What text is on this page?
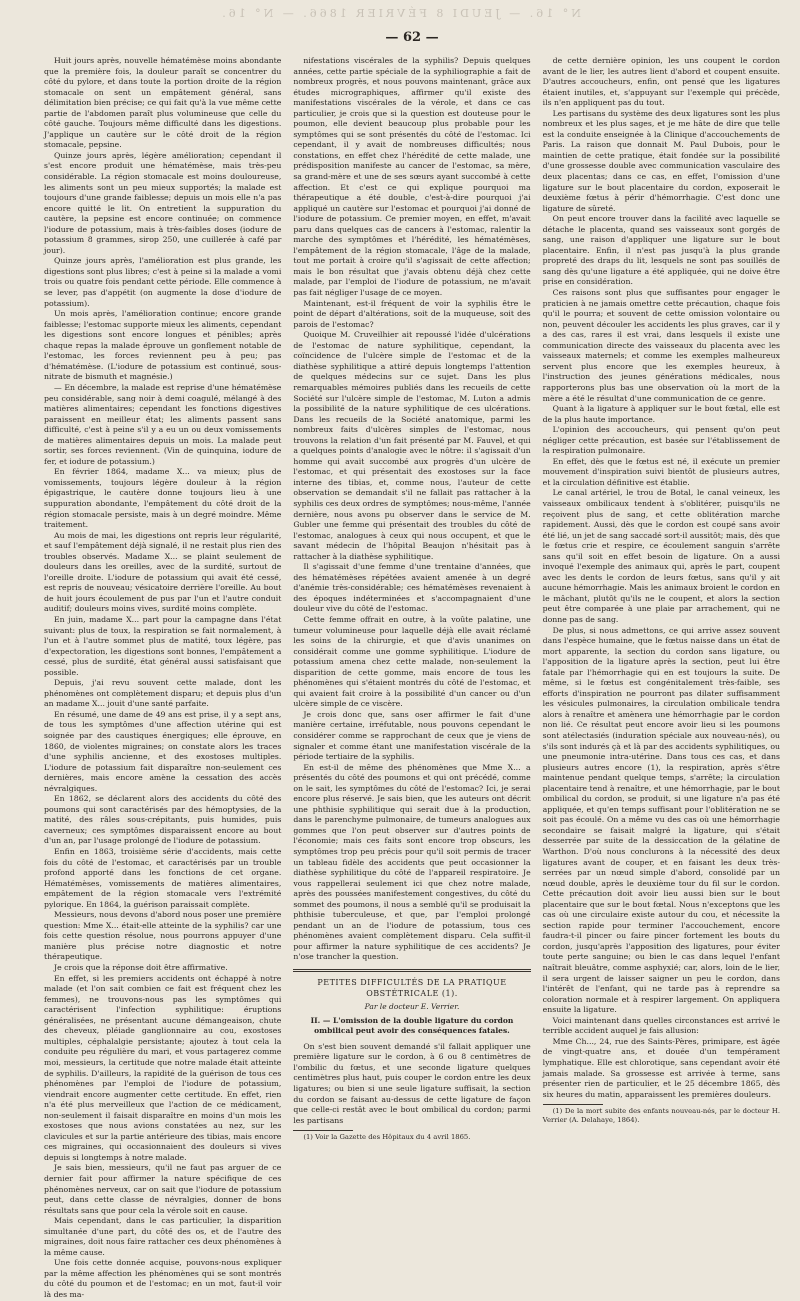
N° 16. — JEUDI 8 FÉVRIER 1866. — N° 16.
— 62 —

Huit jours après, nouvelle hématémèse moins abondante que la première fois, la douleur paraît se concentrer du côté du pylore, et dans toute la portion droite de la région stomacale on sent un empâtement général, sans délimitation bien précise; ce qui fait qu'à la vue même cette partie de l'abdomen paraît plus volumineuse que celle du côté gauche. Toujours même difficulté dans les digestions. J'applique un cautère sur le côté droit de la région stomacale, pepsine.

Quinze jours après, légère amélioration; cependant il s'est encore produit une hématémèse, mais très-peu considérable. La région stomacale est moins douloureuse, les aliments sont un peu mieux supportés; la malade est toujours d'une grande faiblesse; depuis un mois elle n'a pas encore quitté le lit. On entretient la suppuration du cautère, la pepsine est encore continuée; on commence l'iodure de potassium, mais à très-faibles doses (iodure de potassium 8 grammes, sirop 250, une cuillerée à café par jour).

Quinze jours après, l'amélioration est plus grande, les digestions sont plus libres; c'est à peine si la malade a vomi trois ou quatre fois pendant cette période. Elle commence à se lever, pas d'appétit (on augmente la dose d'iodure de potassium).

Un mois après, l'amélioration continue; encore grande faiblesse; l'estomac supporte mieux les aliments, cependant les digestions sont encore longues et pénibles; après chaque repas la malade éprouve un gonflement notable de l'estomac, les forces reviennent peu à peu; pas d'hématémèse. (L'iodure de potassium est continué, sous-nitrate de bismuth et magnésie.)

— En décembre, la malade est reprise d'une hématémèse peu considérable, sang noir à demi coagulé, mélangé à des matières alimentaires; cependant les fonctions digestives paraissent en meilleur état; les aliments passent sans difficulté, c'est à peine s'il y a eu un ou deux vomissements de matières alimentaires depuis un mois. La malade peut sortir, ses forces reviennent. (Vin de quinquina, iodure de fer, et iodure de potassium.)

En février 1864, madame X... va mieux; plus de vomissements, toujours légère douleur à la région épigastrique, le cautère donne toujours lieu à une suppuration abondante, l'empâtement du côté droit de la région stomacale persiste, mais à un degré moindre. Même traitement.

Au mois de mai, les digestions ont repris leur régularité, et sauf l'empâtement déjà signalé, il ne restait plus rien des troubles observés. Madame X... se plaint seulement de douleurs dans les oreilles, avec de la surdité, surtout de l'oreille droite. L'iodure de potassium qui avait été cessé, est repris de nouveau; vésicatoire derrière l'oreille. Au bout de huit jours écoulement de pus par l'un et l'autre conduit auditif; douleurs moins vives, surdité moins complète.

En juin, madame X... part pour la campagne dans l'état suivant: plus de toux, la respiration se fait normalement, à l'un et à l'autre sommet plus de matité, toux légère, pas d'expectoration, les digestions sont bonnes, l'empâtement a cessé, plus de surdité, état général aussi satisfaisant que possible.

Depuis, j'ai revu souvent cette malade, dont les phénomènes ont complètement disparu; et depuis plus d'un an madame X... jouit d'une santé parfaite.

En résumé, une dame de 49 ans est prise, il y a sept ans, de tous les symptômes d'une affection utérine qui est soignée par des caustiques énergiques; elle éprouve, en 1860, de violentes migraines; on constate alors les traces d'une syphilis ancienne, et des exostoses multiples. L'iodure de potassium fait disparaître non-seulement ces dernières, mais encore amène la cessation des accès névralgiques.

En 1862, se déclarent alors des accidents du côté des poumons qui sont caractérisés par des hémoptysies, de la matité, des râles sous-crépitants, puis humides, puis caverneux; ces symptômes disparaissent encore au bout d'un an, par l'usage prolongé de l'iodure de potassium.

Enfin en 1863, troisième série d'accidents, mais cette fois du côté de l'estomac, et caractérisés par un trouble profond apporté dans les fonctions de cet organe. Hématémèses, vomissements de matières alimentaires, empâtement de la région stomacale vers l'extrémité pylorique. En 1864, la guérison paraissait complète.

Messieurs, nous devons d'abord nous poser une première question: Mme X... était-elle atteinte de la syphilis? car une fois cette question résolue, nous pourrons appuyer d'une manière plus précise notre diagnostic et notre thérapeutique.

Je crois que la réponse doit être affirmative.

En effet, si les premiers accidents ont échappé à notre malade (et l'on sait combien ce fait est fréquent chez les femmes), ne trouvons-nous pas les symptômes qui caractérisent l'infection syphilitique: éruptions généralisées, ne présentant aucune démangeaison, chute des cheveux, pléiade ganglionnaire au cou, exostoses multiples, céphalalgie persistante; ajoutez à tout cela la conduite peu régulière du mari, et vous partagerez comme moi, messieurs, la certitude que notre malade était atteinte de syphilis. D'ailleurs, la rapidité de la guérison de tous ces phénomènes par l'emploi de l'iodure de potassium, viendrait encore augmenter cette certitude. En effet, rien n'a été plus merveilleux que l'action de ce médicament, non-seulement il faisait disparaître en moins d'un mois les exostoses que nous avions constatées au nez, sur les clavicules et sur la partie antérieure des tibias, mais encore ces migraines, qui occasionnaient des douleurs si vives depuis si longtemps à notre malade.

Je sais bien, messieurs, qu'il ne faut pas arguer de ce dernier fait pour affirmer la nature spécifique de ces phénomènes nerveux, car on sait que l'iodure de potassium peut, dans cette classe de névralgies, donner de bons résultats sans que pour cela la vérole soit en cause.

Mais cependant, dans le cas particulier, la disparition simultanée d'une part, du côté des os, et de l'autre des migraines, doit nous faire rattacher ces deux phénomènes à la même cause.

Une fois cette donnée acquise, pouvons-nous expliquer par la même affection les phénomènes qui se sont montrés du côté du poumon et de l'estomac; en un mot, faut-il voir là des ma-

nifestations viscérales de la syphilis? Depuis quelques années, cette partie spéciale de la syphiliographie a fait de nombreux progrès, et nous pouvons maintenant, grâce aux études micrographiques, affirmer qu'il existe des manifestations viscérales de la vérole, et dans ce cas particulier, je crois que si la question est douteuse pour le poumon, elle devient beaucoup plus probable pour les symptômes qui se sont présentés du côté de l'estomac. Ici cependant, il y avait de nombreuses difficultés; nous constations, en effet chez l'hérédité de cette malade, une prédisposition manifeste au cancer de l'estomac, sa mère, sa grand-mère et une de ses sœurs ayant succombé à cette affection. Et c'est ce qui explique pourquoi ma thérapeutique a été double, c'est-à-dire pourquoi j'ai appliqué un cautère sur l'estomac et pourquoi j'ai donné de l'iodure de potassium. Ce premier moyen, en effet, m'avait paru dans quelques cas de cancers à l'estomac, ralentir la marche des symptômes et l'hérédité, les hématémèses, l'empâtement de la région stomacale, l'âge de la malade, tout me portait à croire qu'il s'agissait de cette affection; mais le bon résultat que j'avais obtenu déjà chez cette malade, par l'emploi de l'iodure de potassium, ne m'avait pas fait négliger l'usage de ce moyen.

Maintenant, est-il fréquent de voir la syphilis être le point de départ d'altérations, soit de la muqueuse, soit des parois de l'estomac?

Quoique M. Cruveilhier ait repoussé l'idée d'ulcérations de l'estomac de nature syphilitique, cependant, la coïncidence de l'ulcère simple de l'estomac et de la diathèse syphilitique a attiré depuis longtemps l'attention de quelques médecins sur ce sujet. Dans les plus remarquables mémoires publiés dans les recueils de cette Société sur l'ulcère simple de l'estomac, M. Luton a admis la possibilité de la nature syphilitique de ces ulcérations. Dans les recueils de la Société anatomique, parmi les nombreux faits d'ulcères simples de l'estomac, nous trouvons la relation d'un fait présenté par M. Fauvel, et qui a quelques points d'analogie avec le nôtre: il s'agissait d'un homme qui avait succombé aux progrès d'un ulcère de l'estomac, et qui présentait des exostoses sur la face interne des tibias, et, comme nous, l'auteur de cette observation se demandait s'il ne fallait pas rattacher à la syphilis ces deux ordres de symptômes; nous-même, l'année dernière, nous avons pu observer dans le service de M. Gubler une femme qui présentait des troubles du côté de l'estomac, analogues à ceux qui nous occupent, et que le savant médecin de l'hôpital Beaujon n'hésitait pas à rattacher à la diathèse syphilitique.

Il s'agissait d'une femme d'une trentaine d'années, que des hématémèses répétées avaient amenée à un degré d'anémie très-considérable; ces hématémèses revenaient à des époques indéterminées et s'accompagnaient d'une douleur vive du côté de l'estomac.

Cette femme offrait en outre, à la voûte palatine, une tumeur volumineuse pour laquelle déjà elle avait réclamé les soins de la chirurgie, et que d'avis unanimes on considérait comme une gomme syphilitique. L'iodure de potassium amena chez cette malade, non-seulement la disparition de cette gomme, mais encore de tous les phénomènes qui s'étaient montrés du côté de l'estomac, et qui avaient fait croire à la possibilité d'un cancer ou d'un ulcère simple de ce viscère.

Je crois donc que, sans oser affirmer le fait d'une manière certaine, irréfutable, nous pouvons cependant le considérer comme se rapprochant de ceux que je viens de signaler et comme étant une manifestation viscérale de la période tertiaire de la syphilis.

En est-il de même des phénomènes que Mme X... a présentés du côté des poumons et qui ont précédé, comme on le sait, les symptômes du côté de l'estomac? Ici, je serai encore plus réservé. Je sais bien, que les auteurs ont décrit une phthisie syphilitique qui serait due à la production, dans le parenchyme pulmonaire, de tumeurs analogues aux gommes que l'on peut observer sur d'autres points de l'économie; mais ces faits sont encore trop obscurs, les symptômes trop peu précis pour qu'il soit permis de tracer un tableau fidèle des accidents que peut occasionner la diathèse syphilitique du côté de l'appareil respiratoire. Je vous rappellerai seulement ici que chez notre malade, après des poussées manifestement congestives, du côté du sommet des poumons, il nous a semblé qu'il se produisait la phthisie tuberculeuse, et que, par l'emploi prolongé pendant un an de l'iodure de potassium, tous ces phénomènes avaient complètement disparu. Cela suffit-il pour affirmer la nature syphilitique de ces accidents? Je n'ose trancher la question.

PETITES DIFFICULTÉS DE LA PRATIQUE OBSTÉTRICALE (1).
Par le docteur E. Verrier.
II. — L'omission de la double ligature du cordon ombilical peut avoir des conséquences fatales.

On s'est bien souvent demandé s'il fallait appliquer une première ligature sur le cordon, à 6 ou 8 centimètres de l'ombilic du fœtus, et une seconde ligature quelques centimètres plus haut, puis couper le cordon entre les deux ligatures; ou bien si une seule ligature suffisait, la section du cordon se faisant au-dessus de cette ligature de façon que celle-ci restât avec le bout ombilical du cordon; parmi les partisans

(1) Voir la Gazette des Hôpitaux du 4 avril 1865.

de cette dernière opinion, les uns coupent le cordon avant de le lier, les autres lient d'abord et coupent ensuite. D'autres accoucheurs, enfin, ont pensé que les ligatures étaient inutiles, et, s'appuyant sur l'exemple qui précède, ils n'en appliquent pas du tout.

Les partisans du système des deux ligatures sont les plus nombreux et les plus sages, et je me hâte de dire que telle est la conduite enseignée à la Clinique d'accouchements de Paris. La raison que donnait M. Paul Dubois, pour le maintien de cette pratique, était fondée sur la possibilité d'une grossesse double avec communication vasculaire des deux placentas; dans ce cas, en effet, l'omission d'une ligature sur le bout placentaire du cordon, exposerait le deuxième fœtus à périr d'hémorrhagie. C'est donc une ligature de sûreté.

On peut encore trouver dans la facilité avec laquelle se détache le placenta, quand ses vaisseaux sont gorgés de sang, une raison d'appliquer une ligature sur le bout placentaire. Enfin, il n'est pas jusqu'à la plus grande propreté des draps du lit, lesquels ne sont pas souillés de sang dès qu'une ligature a été appliquée, qui ne doive être prise en considération.

Ces raisons sont plus que suffisantes pour engager le praticien à ne jamais omettre cette précaution, chaque fois qu'il le pourra; et souvent de cette omission volontaire ou non, peuvent découler les accidents les plus graves, car il y a des cas, rares il est vrai, dans lesquels il existe une communication directe des vaisseaux du placenta avec les vaisseaux maternels; et comme les exemples malheureux servent plus encore que les exemples heureux, à l'instruction des jeunes générations médicales, nous rapporterons plus bas une observation où la mort de la mère a été le résultat d'une communication de ce genre.

Quant à la ligature à appliquer sur le bout fœtal, elle est de la plus haute importance.

L'opinion des accoucheurs, qui pensent qu'on peut négliger cette précaution, est basée sur l'établissement de la respiration pulmonaire.

En effet, dès que le fœtus est né, il exécute un premier mouvement d'inspiration suivi bientôt de plusieurs autres, et la circulation définitive est établie.

Le canal artériel, le trou de Botal, le canal veineux, les vaisseaux ombilicaux tendent à s'oblitérer, puisqu'ils ne reçoivent plus de sang, et cette oblitération marche rapidement. Aussi, dès que le cordon est coupé sans avoir été lié, un jet de sang saccadé sort-il aussitôt; mais, dès que le fœtus crie et respire, ce écoulement sanguin s'arrête sans qu'il soit en effet besoin de ligature. On a aussi invoqué l'exemple des animaux qui, après le part, coupent avec les dents le cordon de leurs fœtus, sans qu'il y ait aucune hémorrhagie. Mais les animaux broient le cordon en le mâchant, plutôt qu'ils ne le coupent, et alors la section peut être comparée à une plaie par arrachement, qui ne donne pas de sang.

De plus, si nous admettons, ce qui arrive assez souvent dans l'espèce humaine, que le fœtus naisse dans un état de mort apparente, la section du cordon sans ligature, ou l'apposition de la ligature après la section, peut lui être fatale par l'hémorrhagie qui en est toujours la suite. De même, si le fœtus est congénitalement très-faible, ses efforts d'inspiration ne pourront pas dilater suffisamment les vésicules pulmonaires, la circulation ombilicale tendra alors à renaître et amènera une hémorrhagie par le cordon non lié. Ce résultat peut encore avoir lieu si les poumons sont atélectasiés (induration spéciale aux nouveau-nés), ou s'ils sont indurés çà et là par des accidents syphilitiques, ou une pneumonie intra-utérine. Dans tous ces cas, et dans plusieurs autres encore (1), la respiration, après s'être maintenue pendant quelque temps, s'arrête; la circulation placentaire tend à renaître, et une hémorrhagie, par le bout ombilical du cordon, se produit, si une ligature n'a pas été appliquée, et qu'en temps suffisant pour l'oblitération ne se soit pas écoulé. On a même vu des cas où une hémorrhagie secondaire se faisait malgré la ligature, qui s'était desserrée par suite de la dessiccation de la gélatine de Warthon. D'où nous conclurons à la nécessité des deux ligatures avant de couper, et en faisant les deux très-serrées par un nœud simple d'abord, consolidé par un nœud double, après le deuxième tour du fil sur le cordon. Cette précaution doit avoir lieu aussi bien sur le bout placentaire que sur le bout fœtal. Nous n'exceptons que les cas où une circulaire existe autour du cou, et nécessite la section rapide pour terminer l'accouchement, encore faudra-t-il pincer ou faire pincer fortement les bouts du cordon, jusqu'après l'apposition des ligatures, pour éviter toute perte sanguine; ou bien le cas dans lequel l'enfant naîtrait bleuâtre, comme asphyxié; car, alors, loin de le lier, il sera urgent de laisser saigner un peu le cordon, dans l'intérêt de l'enfant, qui ne tarde pas à reprendre sa coloration normale et à respirer largement. On appliquera ensuite la ligature.

Voici maintenant dans quelles circonstances est arrivé le terrible accident auquel je fais allusion:

Mme Ch..., 24, rue des Saints-Pères, primipare, est âgée de vingt-quatre ans, et douée d'un tempérament lymphatique. Elle est chlorotique, sans cependant avoir été jamais malade. Sa grossesse est arrivée à terme, sans présenter rien de particulier, et le 25 décembre 1865, dès six heures du matin, apparaissent les premières douleurs.

(1) De la mort subite des enfants nouveau-nés, par le docteur H. Verrier (A. Delahaye, 1864).
